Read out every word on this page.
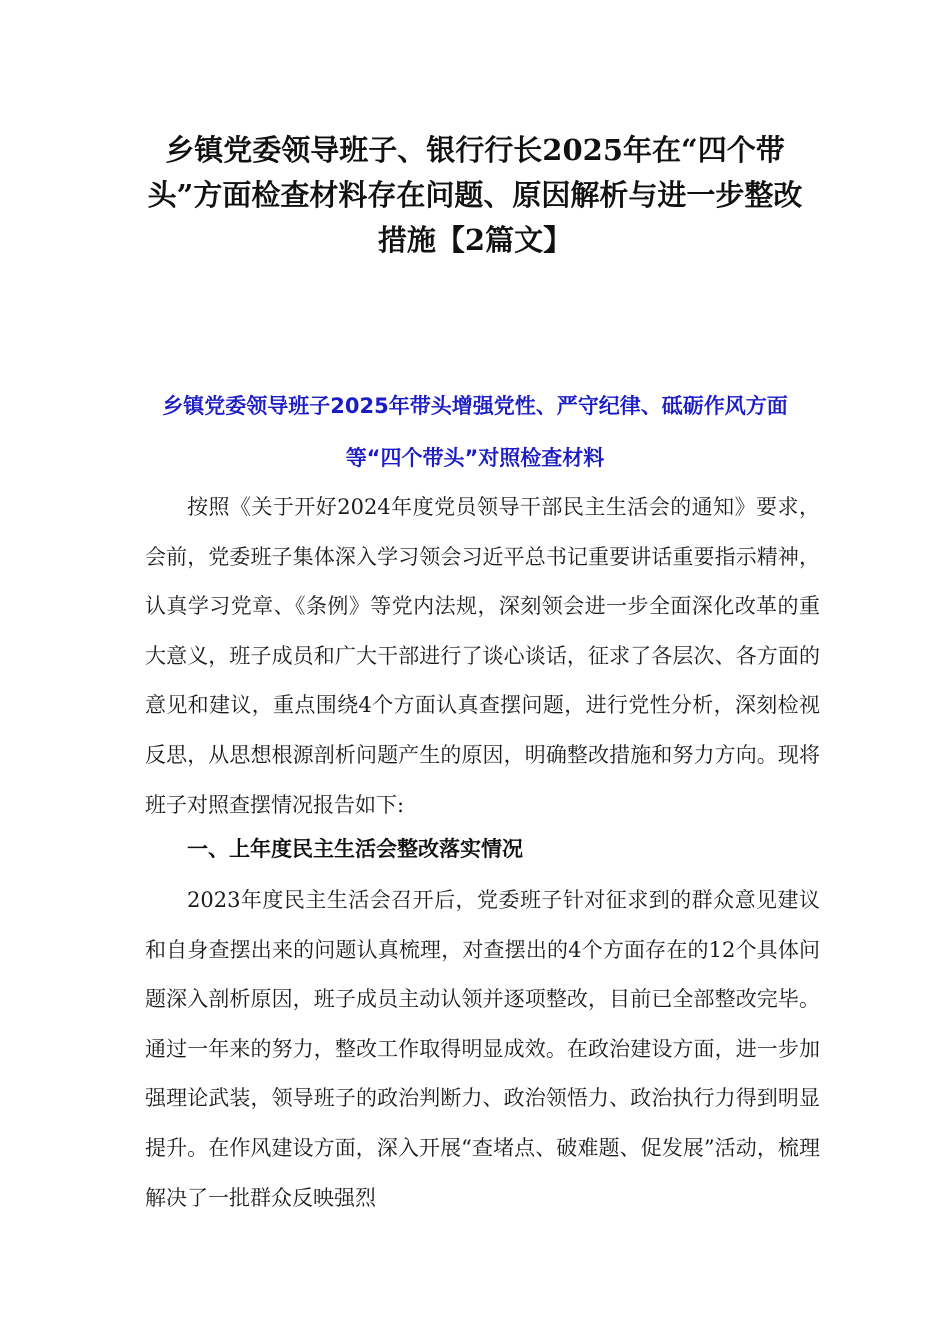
乡镇党委领导班子、银行行长2025年在“四个带
头”方面检查材料存在问题、原因解析与进一步整改
措施【2篇文】
乡镇党委领导班子2025年带头增强党性、严守纪律、砥砺作风方面
等“四个带头”对照检查材料

按照《关于开好2024年度党员领导干部民主生活会的通知》要求，会前，党委班子集体深入学习领会习近平总书记重要讲话重要指示精神，认真学习党章、《条例》等党内法规，深刻领会进一步全面深化改革的重大意义，班子成员和广大干部进行了谈心谈话，征求了各层次、各方面的意见和建议，重点围绕4个方面认真查摆问题，进行党性分析，深刻检视反思，从思想根源剖析问题产生的原因，明确整改措施和努力方向。现将班子对照查摆情况报告如下:

一、上年度民主生活会整改落实情况

2023年度民主生活会召开后，党委班子针对征求到的群众意见建议和自身查摆出来的问题认真梳理，对查摆出的4个方面存在的12个具体问题深入剖析原因，班子成员主动认领并逐项整改，目前已全部整改完毕。通过一年来的努力，整改工作取得明显成效。在政治建设方面，进一步加强理论武装，领导班子的政治判断力、政治领悟力、政治执行力得到明显提升。在作风建设方面，深入开展“查堵点、破难题、促发展”活动，梳理解决了一批群众反映强烈
